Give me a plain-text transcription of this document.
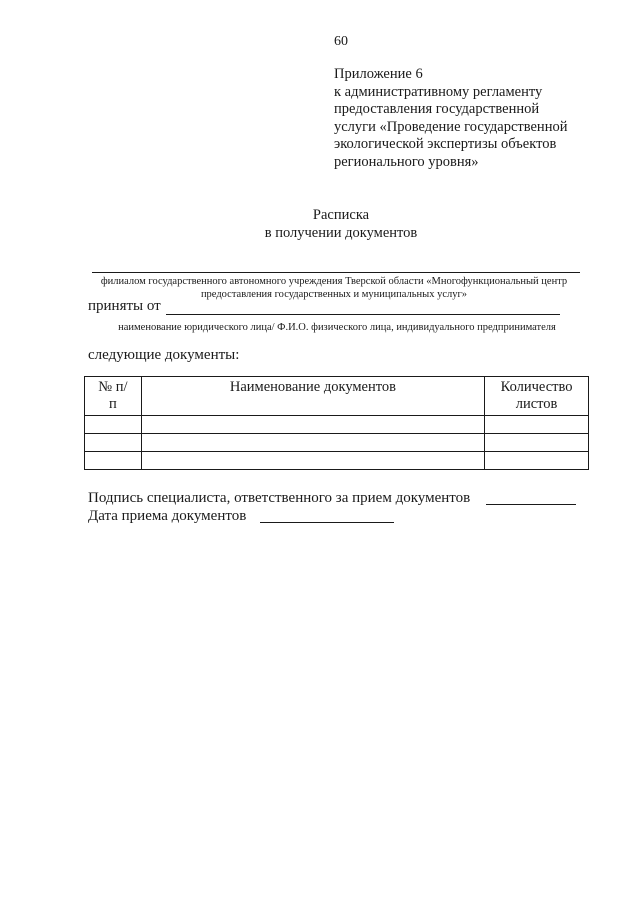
60
Приложение 6
к административному регламенту
предоставления государственной
услуги «Проведение государственной
экологической экспертизы объектов
регионального уровня»
Расписка
в получении документов
филиалом государственного автономного учреждения Тверской области «Многофункциональный центр предоставления государственных и муниципальных услуг»
приняты от
наименование юридического лица/ Ф.И.О. физического лица, индивидуального предпринимателя
следующие документы:
№ п/п	Наименование документов	Количество листов

Подпись специалиста, ответственного за прием документов
Дата приема документов
